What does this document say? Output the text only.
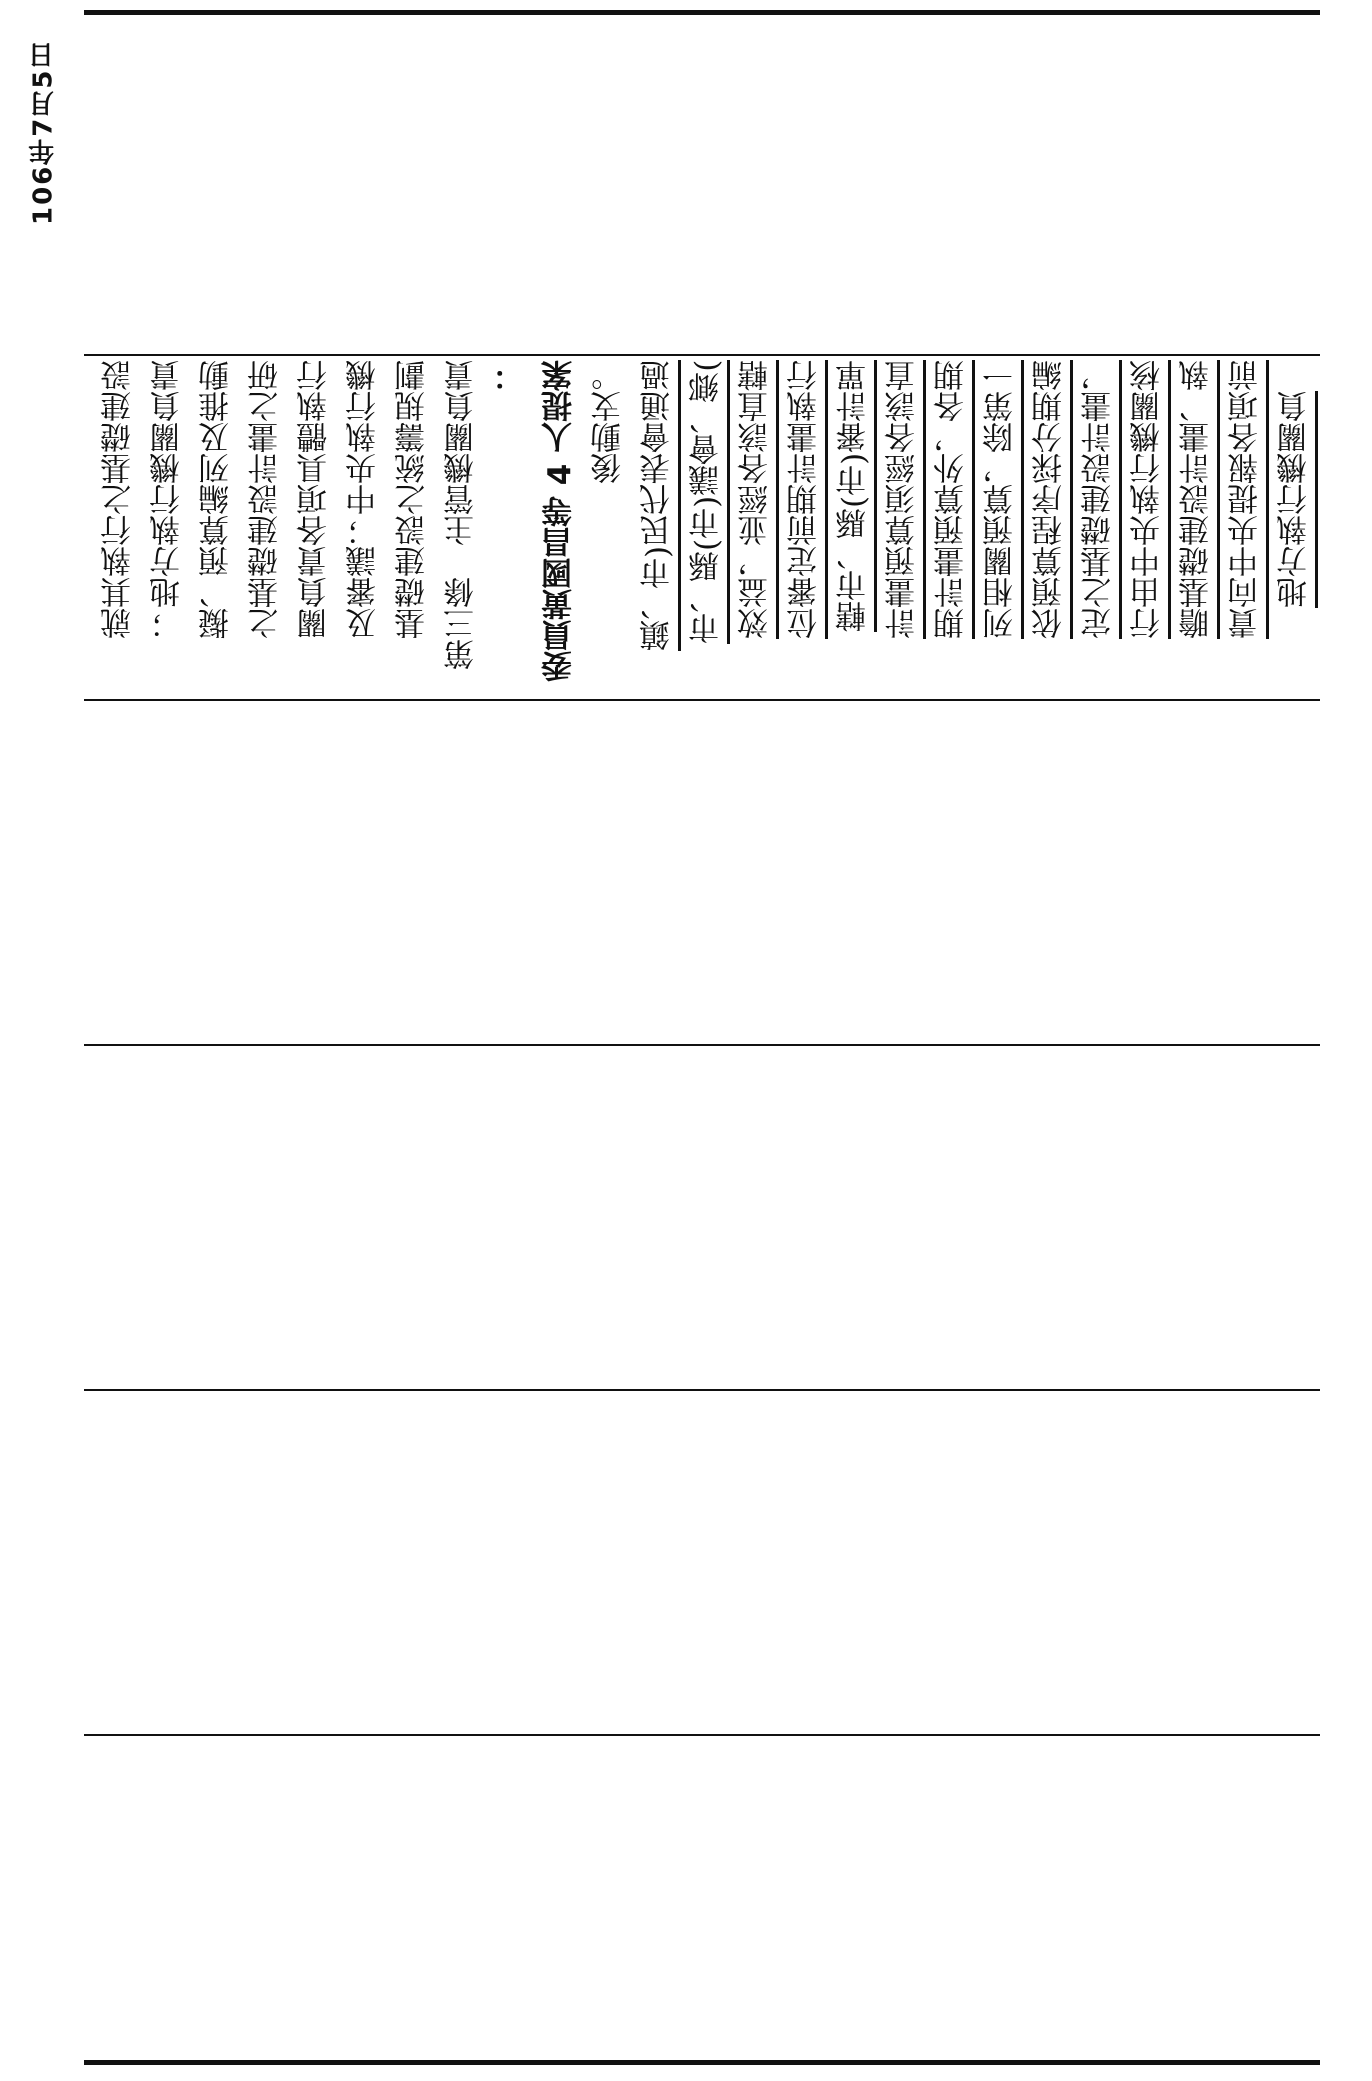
106年7月5日
地方執行機關負
責向中央提報各項前
瞻基礎建設計畫、執
行由中央執行機關核
定之基礎建設計畫，
依預算程序採分期編
列相關預算，除第一
期計畫預算外，各期
計畫預算須經各該直
轄市、縣(市)審計單
位審定前期計畫執行
效益，並經各該直轄
市、縣(市)議會、鄉(
鎮、市)民代表會通過
後動支。
委員黃國昌等 4 人提案
：
第三條　主管機關負責
基礎建設之統籌規劃
及審議；中央執行機
關負責各項具體執行
之基礎建設計畫之研
擬、預算編列及推動
；地方執行機關負責
就其執行之基礎建設
